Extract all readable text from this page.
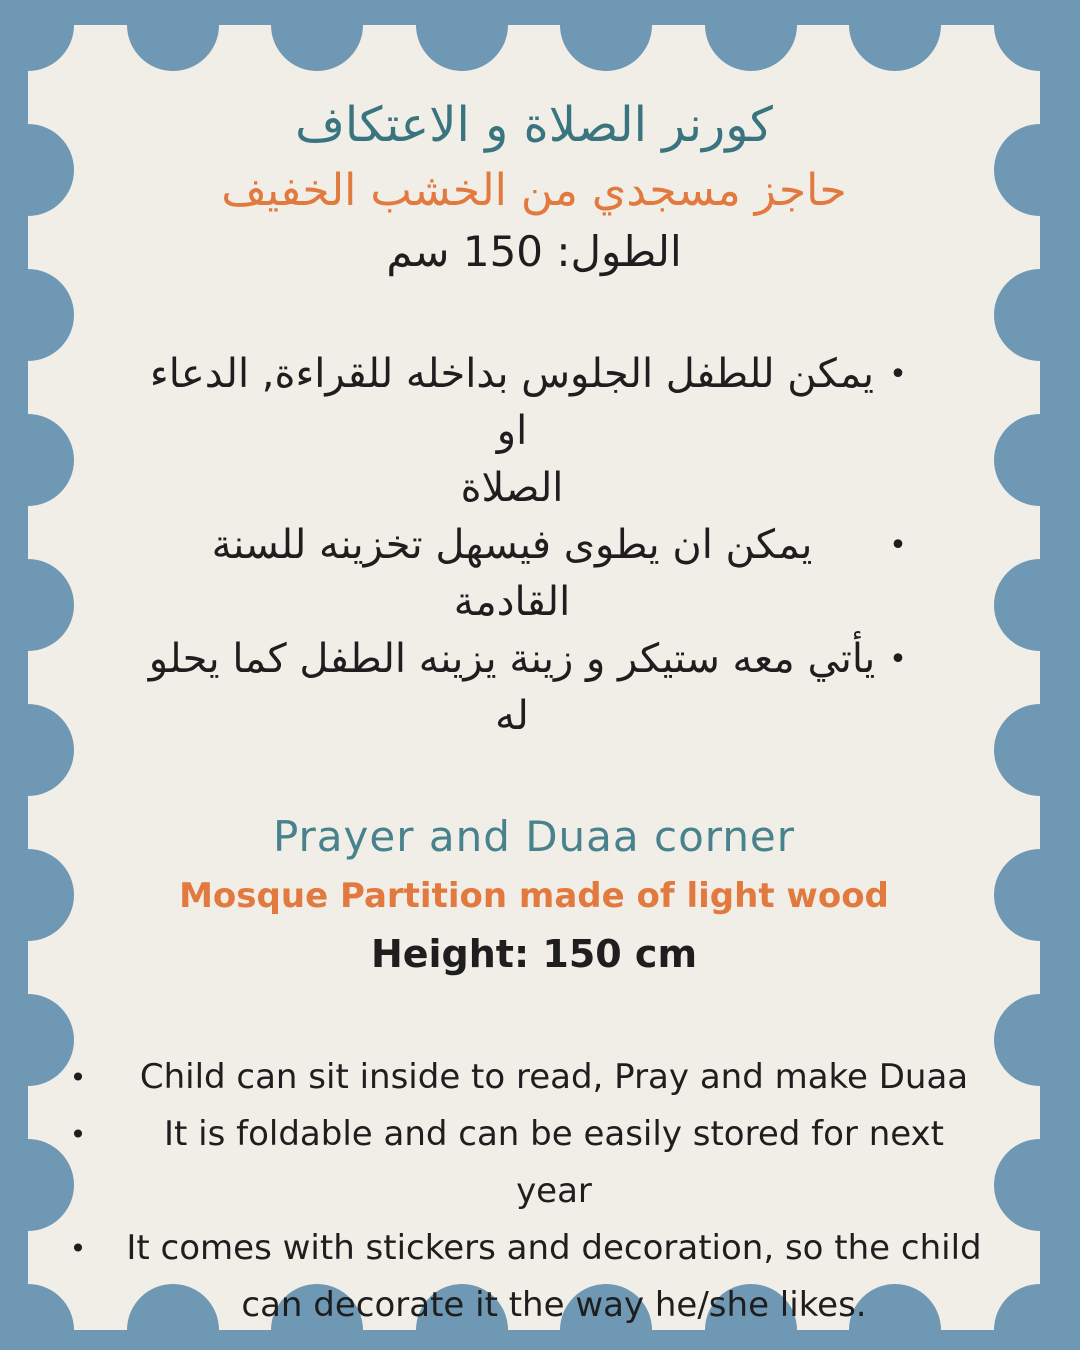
كورنر الصلاة و الاعتكاف
حاجز مسجدي من الخشب الخفيف
الطول: 150 سم
•
يمكن للطفل الجلوس بداخله للقراءة, الدعاء او
الصلاة
•
يمكن ان يطوى فيسهل تخزينه للسنة القادمة
•
يأتي معه ستيكر و زينة يزينه الطفل كما يحلو
له
Prayer and Duaa corner
Mosque Partition made of light wood
Height: 150 cm
•	Child can sit inside to read, Pray and make Duaa
•	It is foldable and can be easily stored for next
year
•	It comes with stickers and decoration, so the child
can decorate it the way he/she likes.
